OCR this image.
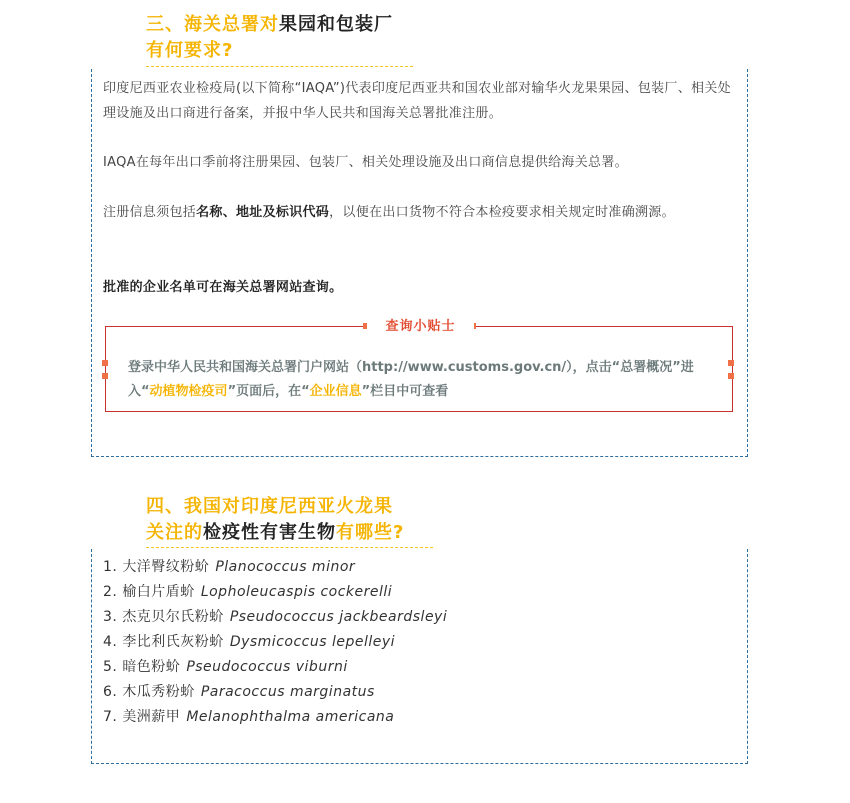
三、海关总署对果园和包装厂
有何要求?
印度尼西亚农业检疫局(以下简称“IAQA”)代表印度尼西亚共和国农业部对输华火龙果果园、包装厂、相关处理设施及出口商进行备案，并报中华人民共和国海关总署批准注册。
IAQA在每年出口季前将注册果园、包装厂、相关处理设施及出口商信息提供给海关总署。
注册信息须包括名称、地址及标识代码，以便在出口货物不符合本检疫要求相关规定时准确溯源。
批准的企业名单可在海关总署网站查询。
查询小贴士
登录中华人民共和国海关总署门户网站（http://www.customs.gov.cn/），点击“总署概况”进入“动植物检疫司”页面后，在“企业信息”栏目中可查看
四、我国对印度尼西亚火龙果
关注的检疫性有害生物有哪些?
1. 大洋臀纹粉蚧 Planococcus minor
2. 榆白片盾蚧 Lopholeucaspis cockerelli
3. 杰克贝尔氏粉蚧 Pseudococcus jackbeardsleyi
4. 李比利氏灰粉蚧 Dysmicoccus lepelleyi
5. 暗色粉蚧 Pseudococcus viburni
6. 木瓜秀粉蚧 Paracoccus marginatus
7. 美洲薪甲 Melanophthalma americana
